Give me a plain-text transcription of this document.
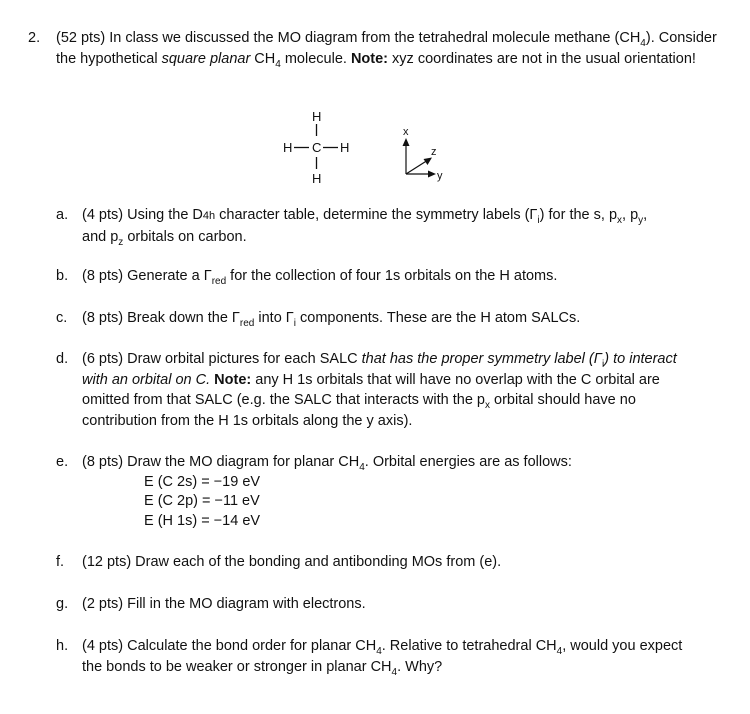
2. (52 pts) In class we discussed the MO diagram from the tetrahedral molecule methane $(CH_4)$. Consider the hypothetical square planar $CH_4$ molecule. Note: xyz coordinates are not in the usual orientation!
H
H C H
H
x
y
z
a. (4 pts) Using the D4h character table, determine the symmetry labels $(\Gamma_i)$ for the s, $p_x$, $p_y$,
and $p_z$ orbitals on carbon.
b. (8 pts) Generate a $\Gamma_{red}$ for the collection of four 1s orbitals on the H atoms.
c.	(8 pts) Break down the $\Gamma_{red}$ into $\Gamma_i$ components. These are the H atom SALCs.
d. (6 pts) Draw orbital pictures for each SALC that has the proper symmetry label $(\Gamma_i)$ to interact with an orbital on C. Note: any H 1s orbitals that will have no overlap with the C orbital are omitted from that SALC (e.g. the SALC that interacts with the $p_x$ orbital should have no contribution from the H 1s orbitals along the y axis).
e. (8 pts) Draw the MO diagram for planar $CH_4$. Orbital energies are as follows:
E (C 2s) = −19 eV
E (C 2p) = −11 eV
E (H 1s) = −14 eV
f.	(12 pts) Draw each of the bonding and antibonding MOs from (e).
g. (2 pts) Fill in the MO diagram with electrons.
h. (4 pts) Calculate the bond order for planar $CH_4$. Relative to tetrahedral $CH_4$, would you expect the bonds to be weaker or stronger in planar $CH_4$. Why?
